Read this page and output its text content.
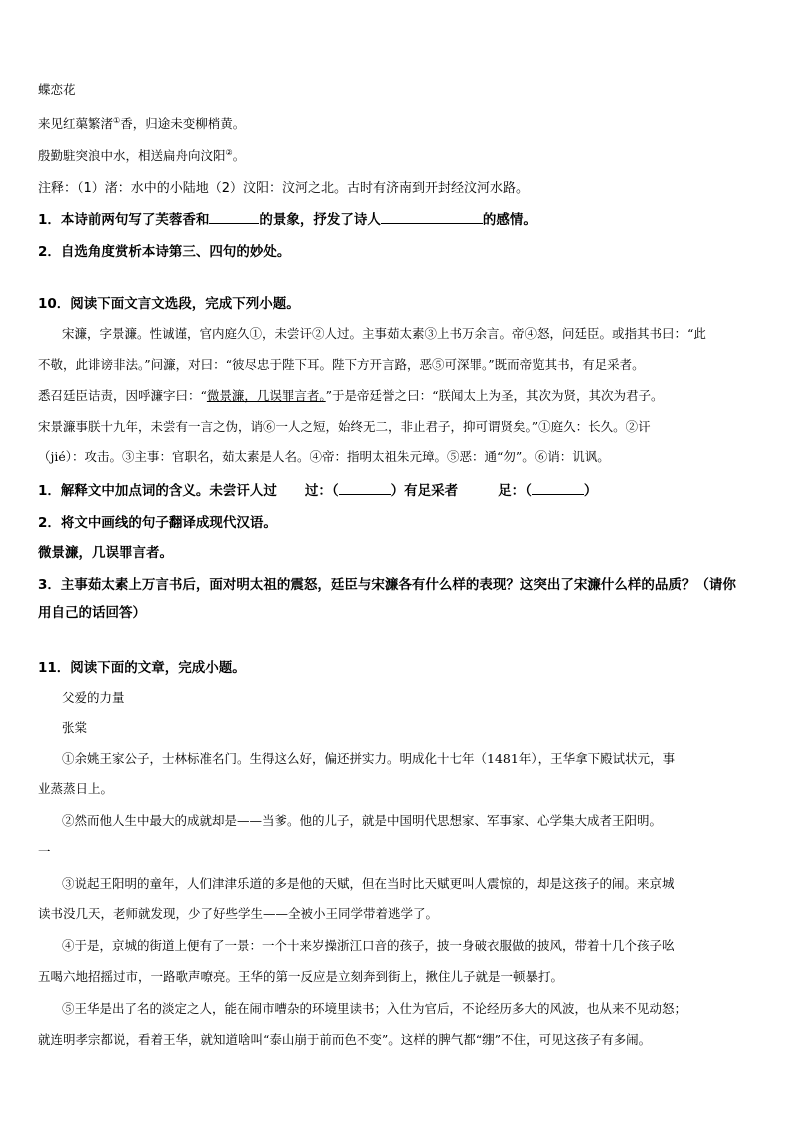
蝶恋花
来见红蕖繁渚①香，归途未变柳梢黄。
殷勤駐突浪中水，相送扁舟向汶阳②。
注释：（1）渚：水中的小陆地（2）汶阳：汶河之北。古时有济南到开封经汶河水路。
1．本诗前两句写了芙蓉香和	的景象，抒发了诗人	的感情。
2．自选角度赏析本诗第三、四句的妙处。
10．阅读下面文言文选段，完成下列小题。
宋濂，字景濂。性诚谨，官内庭久①，未尝讦②人过。主事茹太素③上书万余言。帝④怒，问廷臣。或指其书曰：“此
不敬，此诽谤非法。”问濂，对曰：“彼尽忠于陛下耳。陛下方开言路，恶⑤可深罪。”既而帝览其书，有足采者。
悉召廷臣诘责，因呼濂字曰：“微景濂，几误罪言者。”于是帝廷誉之曰：“朕闻太上为圣，其次为贤，其次为君子。
宋景濂事朕十九年，未尝有一言之伪，诮⑥一人之短，始终无二，非止君子，抑可谓贤矣。”①庭久：长久。②讦
（jié）：攻击。③主事：官职名，茹太素是人名。④帝：指明太祖朱元璋。⑤恶：通“勿”。⑥诮：讥讽。
1．解释文中加点词的含义。未尝讦人过 过：（	）有足采者	足：（	）
2．将文中画线的句子翻译成现代汉语。
微景濂，几误罪言者。
3．主事茹太素上万言书后，面对明太祖的震怒，廷臣与宋濂各有什么样的表现？这突出了宋濂什么样的品质？（请你
用自己的话回答）
11．阅读下面的文章，完成小题。
父爱的力量
张棠
①余姚王家公子，士林标准名门。生得这么好，偏还拼实力。明成化十七年（1481年），王华拿下殿试状元，事
业蒸蒸日上。
②然而他人生中最大的成就却是——当爹。他的儿子，就是中国明代思想家、军事家、心学集大成者王阳明。
一
③说起王阳明的童年，人们津津乐道的多是他的天赋，但在当时比天赋更叫人震惊的，却是这孩子的闹。来京城
读书没几天，老师就发现，少了好些学生——全被小王同学带着逃学了。
④于是，京城的街道上便有了一景：一个十来岁操浙江口音的孩子，披一身破衣服做的披风，带着十几个孩子吆
五喝六地招摇过市，一路歌声嘹亮。王华的第一反应是立刻奔到街上，揪住儿子就是一顿暴打。
⑤王华是出了名的淡定之人，能在闹市嘈杂的环境里读书；入仕为官后，不论经历多大的风波，也从来不见动怒；
就连明孝宗都说，看着王华，就知道啥叫“泰山崩于前而色不变”。这样的脾气都“绷”不住，可见这孩子有多闹。
